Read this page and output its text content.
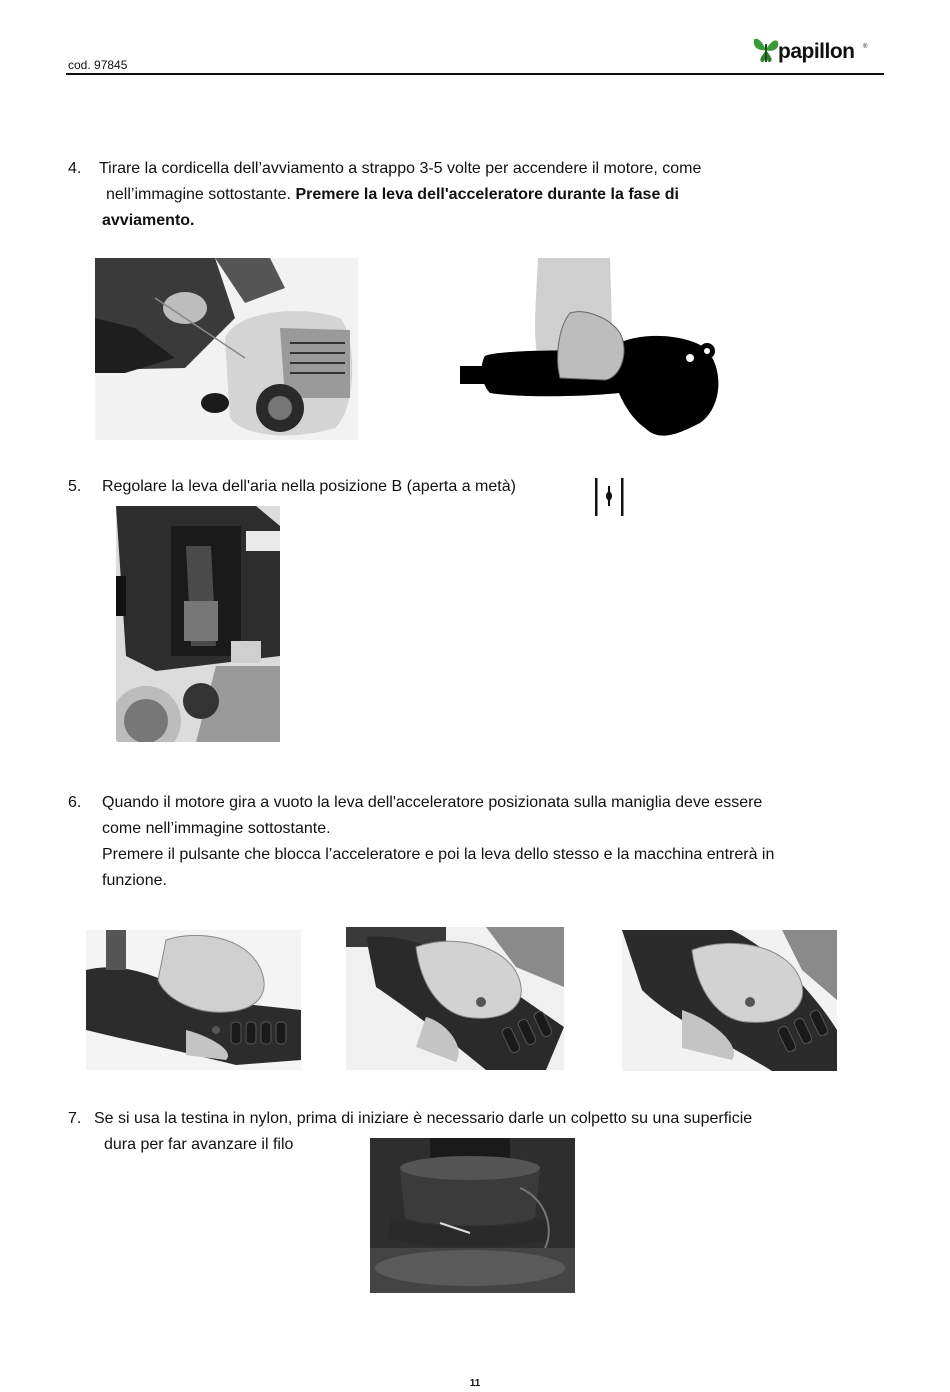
cod. 97845
papillon ®
4. Tirare la cordicella dell’avviamento a strappo 3-5 volte per accendere il motore, come
nell’immagine sottostante. Premere la leva dell'acceleratore durante la fase di
avviamento.
5. Regolare la leva dell'aria nella posizione B (aperta a metà)
6. Quando il motore gira a vuoto la leva dell'acceleratore posizionata sulla maniglia deve essere
come nell’immagine sottostante.
Premere il pulsante che blocca l’acceleratore e poi la leva dello stesso e la macchina entrerà in
funzione.
7. Se si usa la testina in nylon, prima di iniziare è necessario darle un colpetto su una superficie
dura per far avanzare il filo
11
